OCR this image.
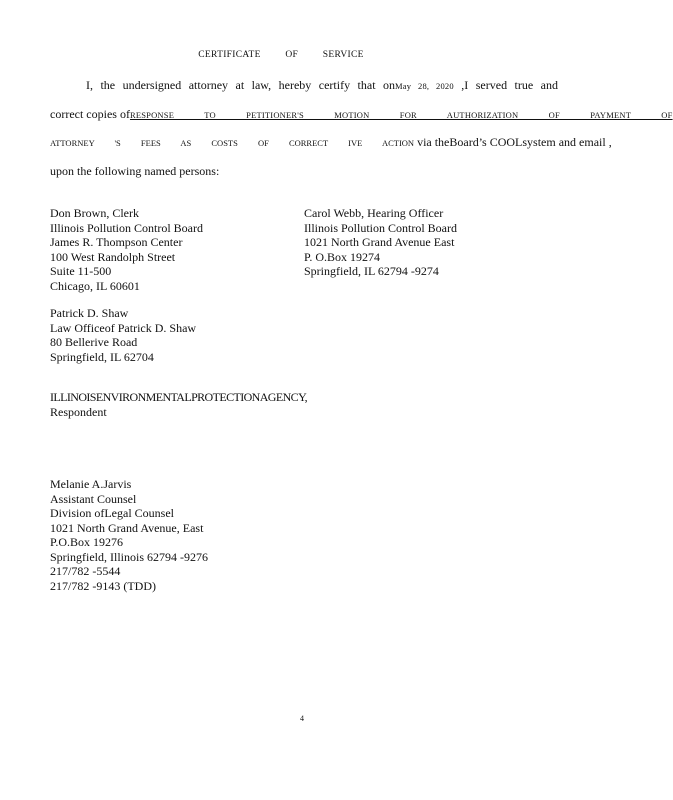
CERTIFICATE OF SERVICE
I, the undersigned attorney at law, hereby certify that onMay 28, 2020 ,I served true and
correct copies ofRESPONSE TO PETITIONER'S MOTION FOR AUTHORIZATION OF PAYMENT OF
ATTORNEY 'S FEES AS COSTS OF CORRECT IVE ACTION via theBoard’s COOLsystem and email ,
upon the following named persons:
Don Brown, Clerk
Illinois Pollution Control Board
James R. Thompson Center
100 West Randolph Street
Suite 11-500
Chicago, IL 60601
Carol Webb, Hearing Officer
Illinois Pollution Control Board
1021 North Grand Avenue East
P. O.Box 19274
Springfield, IL 62794 -9274
Patrick D. Shaw
Law Officeof Patrick D. Shaw
80 Bellerive Road
Springfield, IL 62704
ILLINOISENVIRONMENTALPROTECTIONAGENCY,
Respondent
Melanie A.Jarvis
Assistant Counsel
Division ofLegal Counsel
1021 North Grand Avenue, East
P.O.Box 19276
Springfield, Illinois 62794 -9276
217/782 -5544
217/782 -9143 (TDD)
4
